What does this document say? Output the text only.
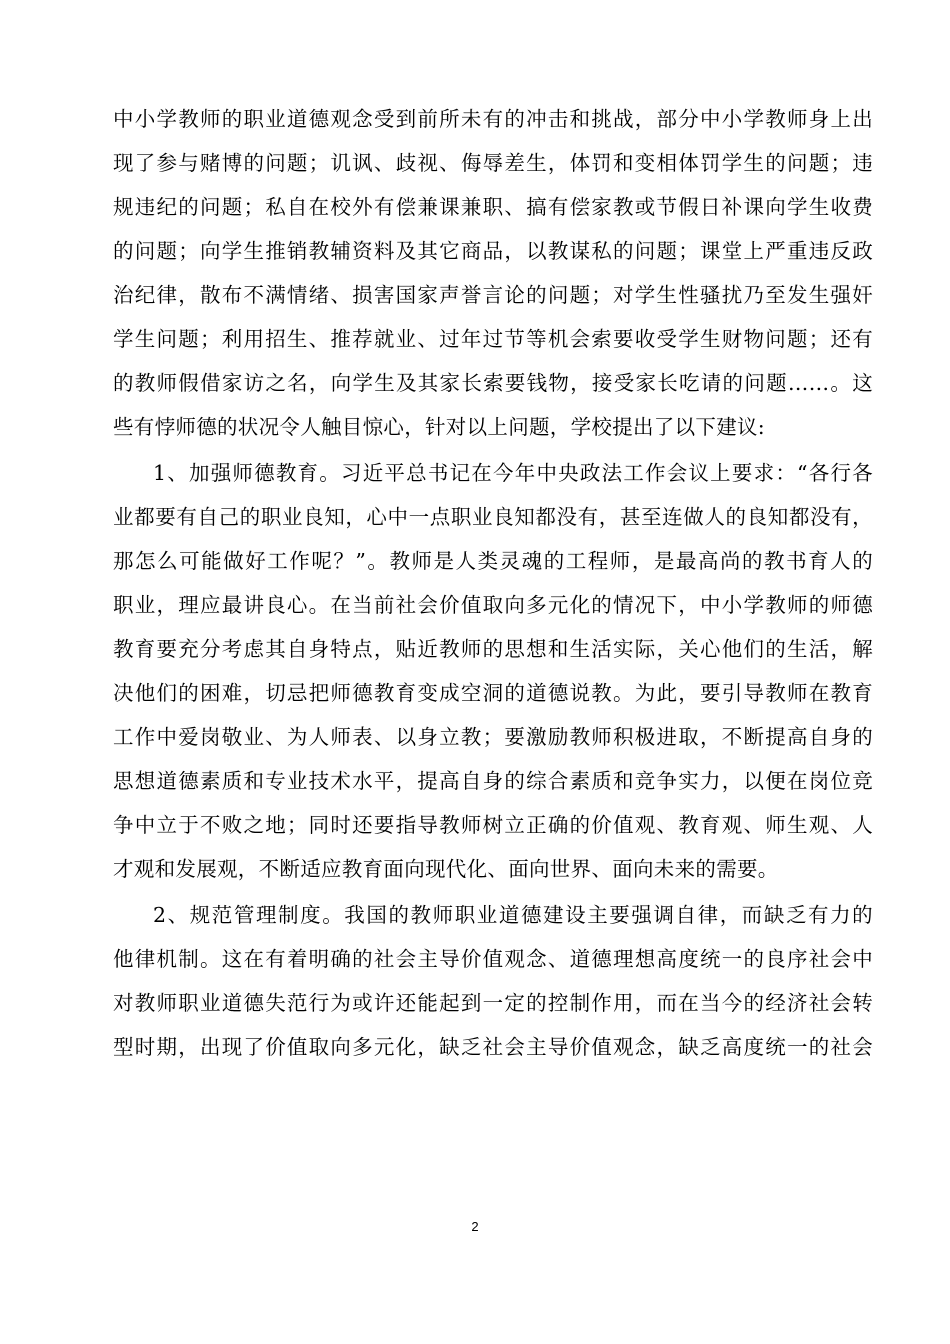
中小学教师的职业道德观念受到前所未有的冲击和挑战，部分中小学教师身上出
现了参与赌博的问题；讥讽、歧视、侮辱差生，体罚和变相体罚学生的问题；违
规违纪的问题；私自在校外有偿兼课兼职、搞有偿家教或节假日补课向学生收费
的问题；向学生推销教辅资料及其它商品，以教谋私的问题；课堂上严重违反政
治纪律，散布不满情绪、损害国家声誉言论的问题；对学生性骚扰乃至发生强奸
学生问题；利用招生、推荐就业、过年过节等机会索要收受学生财物问题；还有
的教师假借家访之名，向学生及其家长索要钱物，接受家长吃请的问题……。这
些有悖师德的状况令人触目惊心，针对以上问题，学校提出了以下建议:
1、加强师德教育。习近平总书记在今年中央政法工作会议上要求：“各行各
业都要有自己的职业良知，心中一点职业良知都没有，甚至连做人的良知都没有，
那怎么可能做好工作呢？”。教师是人类灵魂的工程师，是最高尚的教书育人的
职业，理应最讲良心。在当前社会价值取向多元化的情况下，中小学教师的师德
教育要充分考虑其自身特点，贴近教师的思想和生活实际，关心他们的生活，解
决他们的困难，切忌把师德教育变成空洞的道德说教。为此，要引导教师在教育
工作中爱岗敬业、为人师表、以身立教；要激励教师积极进取，不断提高自身的
思想道德素质和专业技术水平，提高自身的综合素质和竞争实力，以便在岗位竞
争中立于不败之地；同时还要指导教师树立正确的价值观、教育观、师生观、人
才观和发展观，不断适应教育面向现代化、面向世界、面向未来的需要。
2、规范管理制度。我国的教师职业道德建设主要强调自律，而缺乏有力的
他律机制。这在有着明确的社会主导价值观念、道德理想高度统一的良序社会中
对教师职业道德失范行为或许还能起到一定的控制作用，而在当今的经济社会转
型时期，出现了价值取向多元化，缺乏社会主导价值观念，缺乏高度统一的社会
2
